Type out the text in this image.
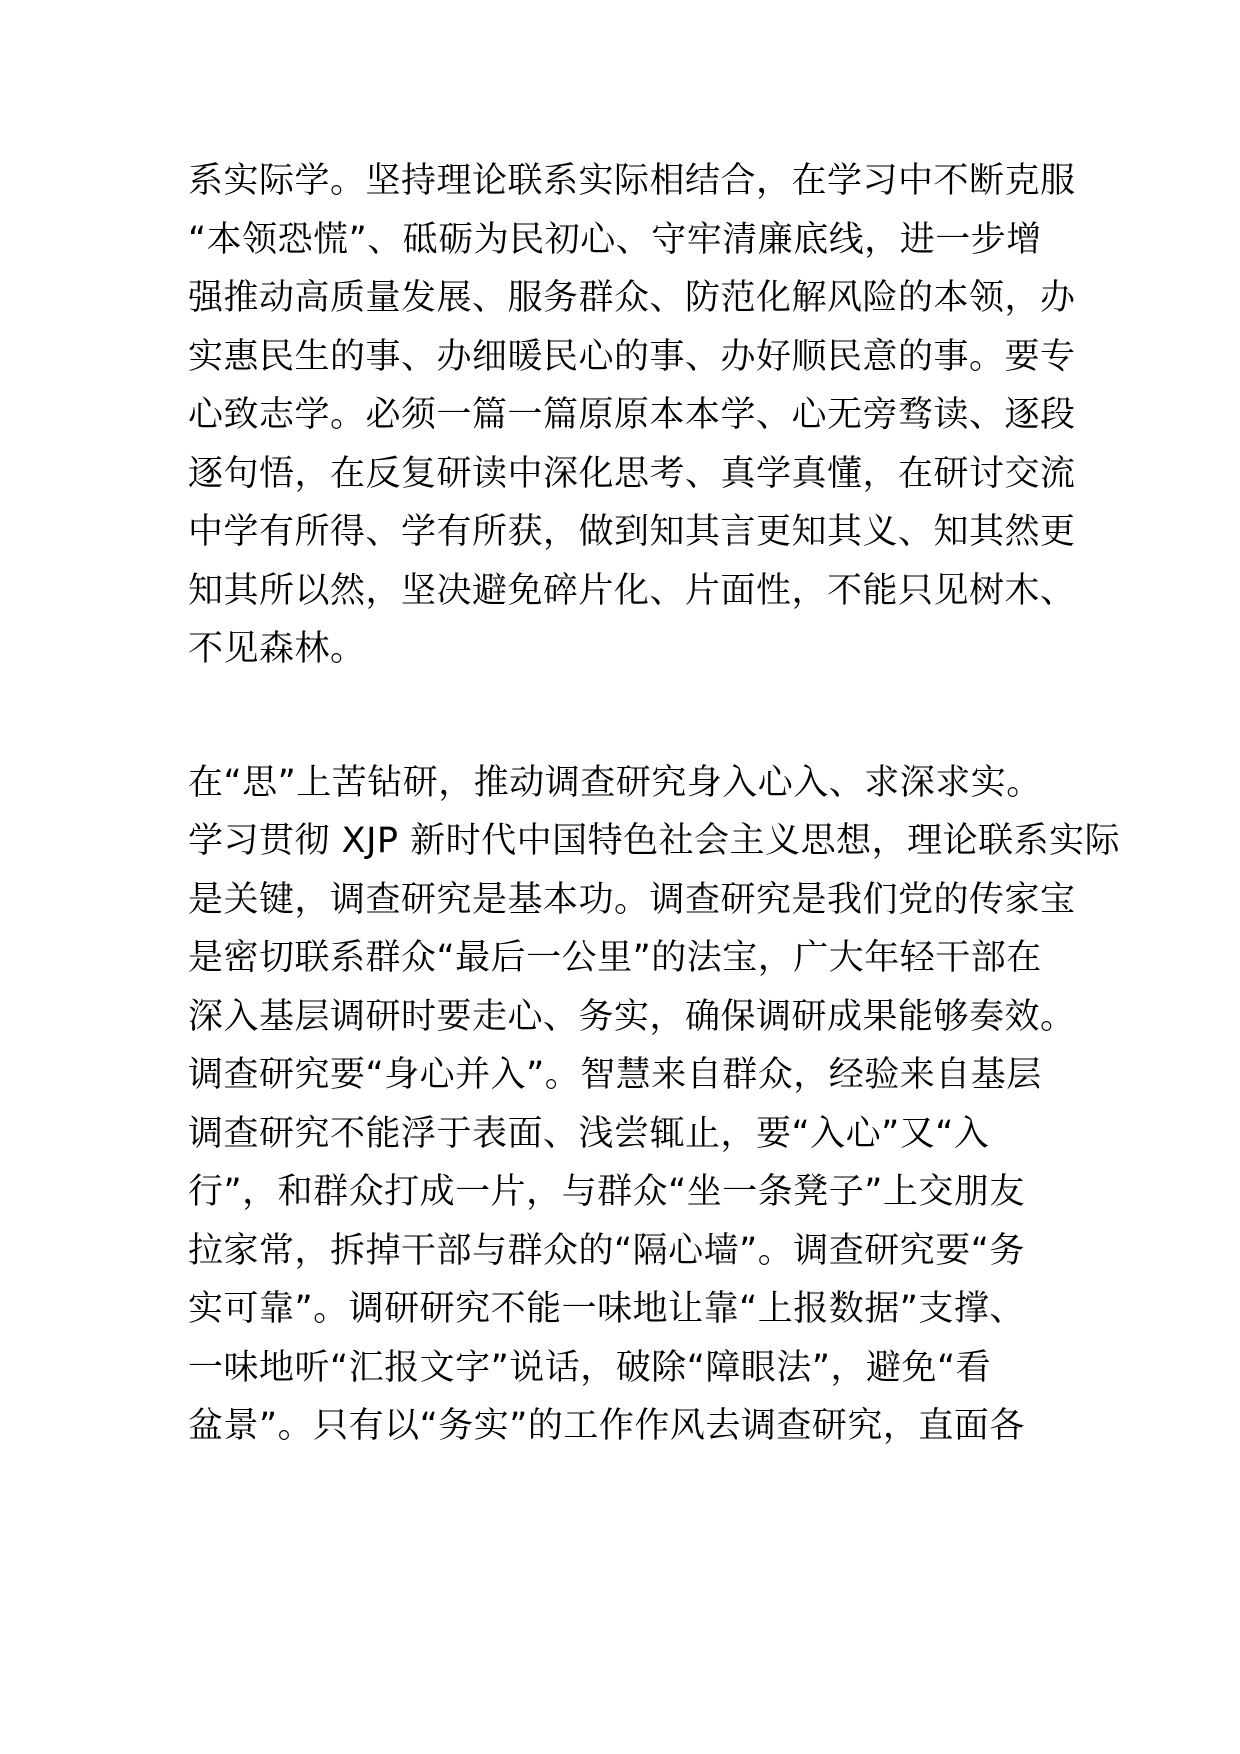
系实际学。坚持理论联系实际相结合，在学习中不断克服
“本领恐慌”、砥砺为民初心、守牢清廉底线，进一步增
强推动高质量发展、服务群众、防范化解风险的本领，办
实惠民生的事、办细暖民心的事、办好顺民意的事。要专
心致志学。必须一篇一篇原原本本学、心无旁骛读、逐段
逐句悟，在反复研读中深化思考、真学真懂，在研讨交流
中学有所得、学有所获，做到知其言更知其义、知其然更
知其所以然，坚决避免碎片化、片面性，不能只见树木、
不见森林。
在“思”上苦钻研，推动调查研究身入心入、求深求实。
学习贯彻 XJP 新时代中国特色社会主义思想，理论联系实际
是关键，调查研究是基本功。调查研究是我们党的传家宝
是密切联系群众“最后一公里”的法宝，广大年轻干部在
深入基层调研时要走心、务实，确保调研成果能够奏效。
调查研究要“身心并入”。智慧来自群众，经验来自基层
调查研究不能浮于表面、浅尝辄止，要“入心”又“入
行”，和群众打成一片，与群众“坐一条凳子”上交朋友
拉家常，拆掉干部与群众的“隔心墙”。调查研究要“务
实可靠”。调研研究不能一味地让靠“上报数据”支撑、
一味地听“汇报文字”说话，破除“障眼法”，避免“看
盆景”。只有以“务实”的工作作风去调查研究，直面各
